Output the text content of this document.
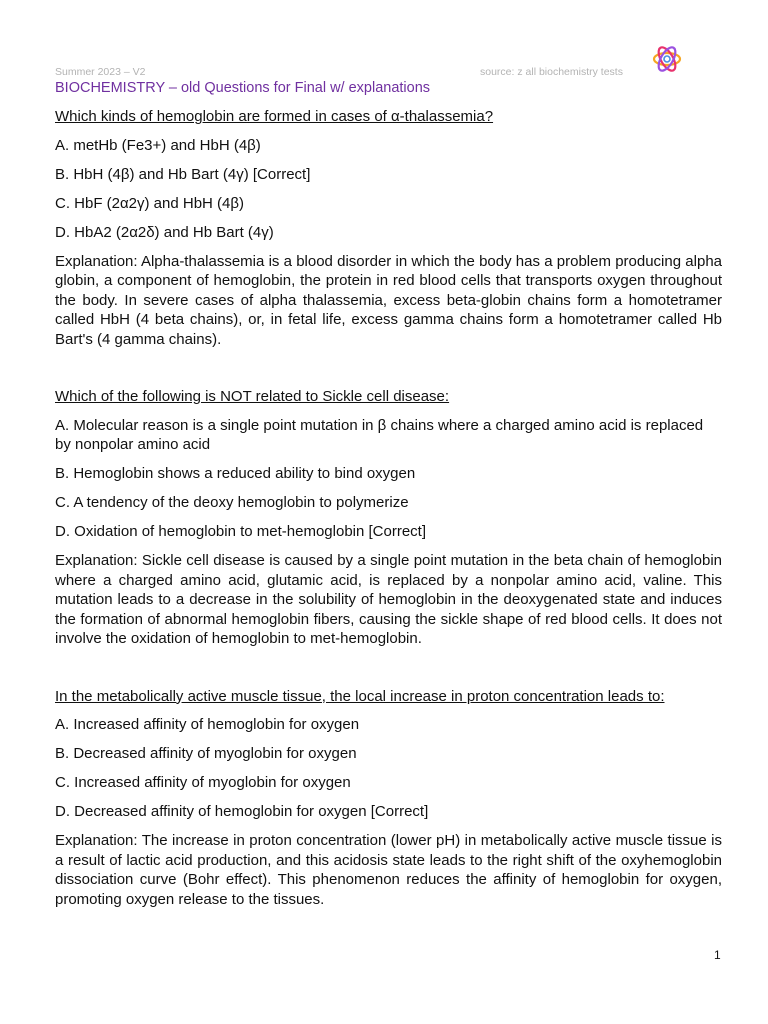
Summer 2023 – V2	source: z all biochemistry tests
BIOCHEMISTRY – old Questions for Final w/ explanations

Which kinds of hemoglobin are formed in cases of α-thalassemia?

A. metHb (Fe3+) and HbH (4β)

B. HbH (4β) and Hb Bart (4γ) [Correct]

C. HbF (2α2γ) and HbH (4β)

D. HbA2 (2α2δ) and Hb Bart (4γ)

Explanation: Alpha-thalassemia is a blood disorder in which the body has a problem producing alpha globin, a component of hemoglobin, the protein in red blood cells that transports oxygen throughout the body. In severe cases of alpha thalassemia, excess beta-globin chains form a homotetramer called HbH (4 beta chains), or, in fetal life, excess gamma chains form a homotetramer called Hb Bart's (4 gamma chains).

Which of the following is NOT related to Sickle cell disease:

A. Molecular reason is a single point mutation in β chains where a charged amino acid is replaced by nonpolar amino acid

B. Hemoglobin shows a reduced ability to bind oxygen

C. A tendency of the deoxy hemoglobin to polymerize

D. Oxidation of hemoglobin to met-hemoglobin [Correct]

Explanation: Sickle cell disease is caused by a single point mutation in the beta chain of hemoglobin where a charged amino acid, glutamic acid, is replaced by a nonpolar amino acid, valine. This mutation leads to a decrease in the solubility of hemoglobin in the deoxygenated state and induces the formation of abnormal hemoglobin fibers, causing the sickle shape of red blood cells. It does not involve the oxidation of hemoglobin to met-hemoglobin.

In the metabolically active muscle tissue, the local increase in proton concentration leads to:

A. Increased affinity of hemoglobin for oxygen

B. Decreased affinity of myoglobin for oxygen

C. Increased affinity of myoglobin for oxygen

D. Decreased affinity of hemoglobin for oxygen [Correct]

Explanation: The increase in proton concentration (lower pH) in metabolically active muscle tissue is a result of lactic acid production, and this acidosis state leads to the right shift of the oxyhemoglobin dissociation curve (Bohr effect). This phenomenon reduces the affinity of hemoglobin for oxygen, promoting oxygen release to the tissues.

1
